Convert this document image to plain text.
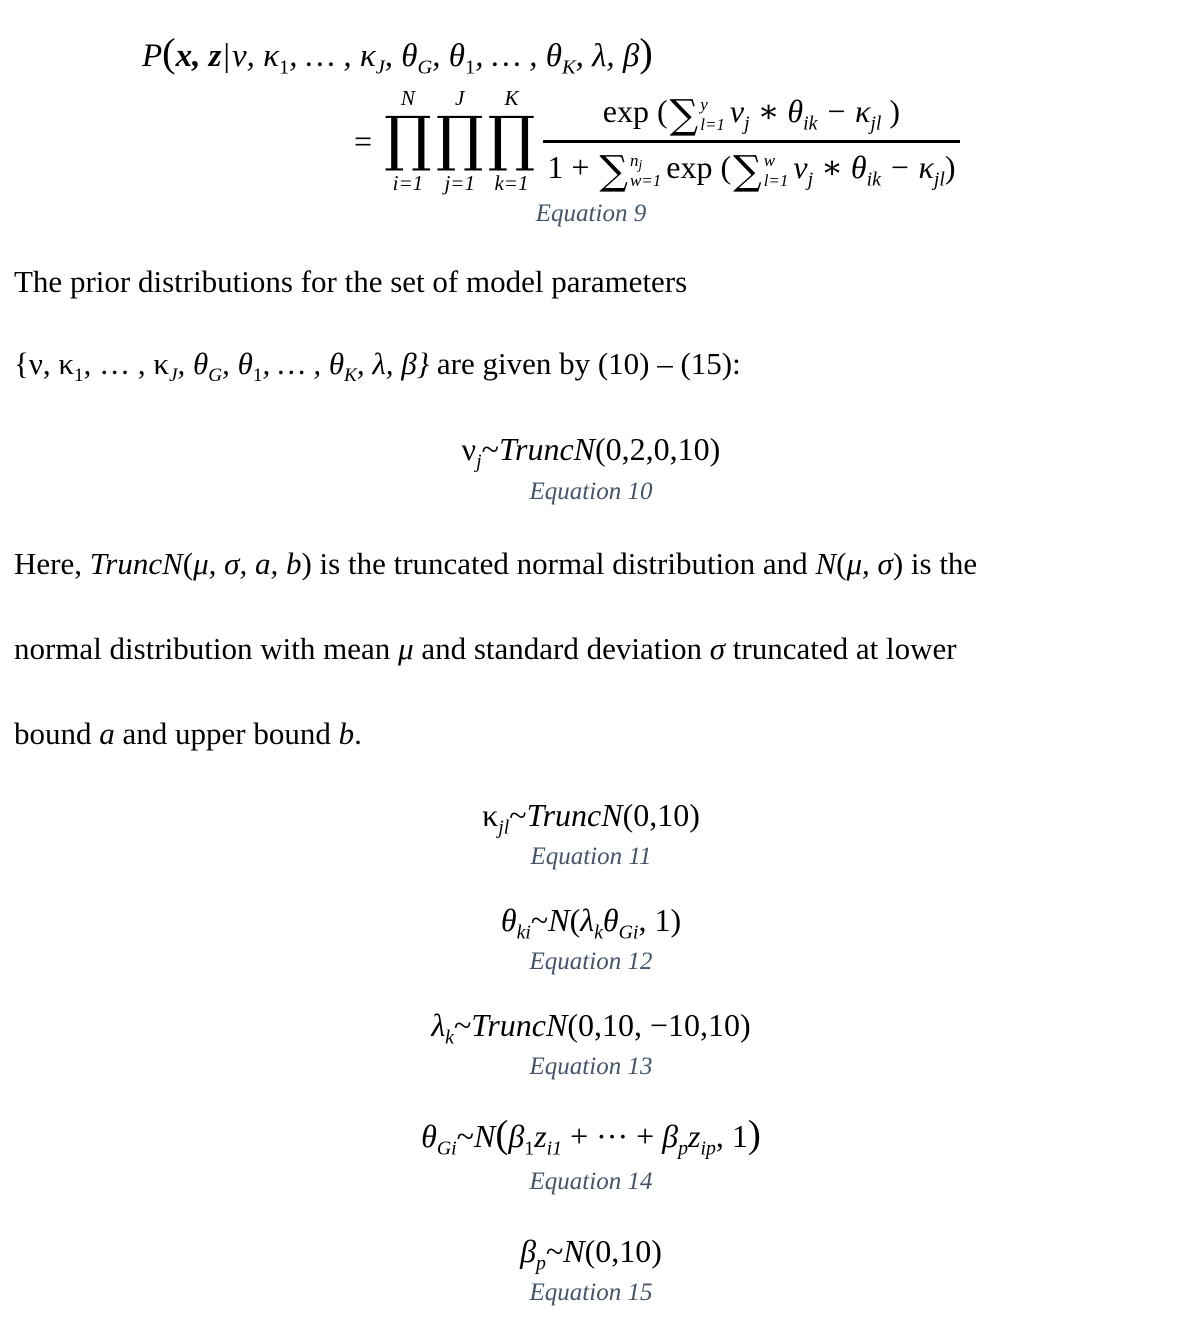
P(x, z|ν, $\kappa_1$, … , $\kappa_J$, $\theta_G$, $\theta_1$, … , $\theta_K$, λ, β)
=
N
∏
i=1
J
∏
j=1
K
∏
k=1 exp ( ∑ y
l=1 $\nu_j$ ∗ $\theta_{ik} - \kappa_{jl}$ )
1 + ∑ nj
w=1 exp ( ∑ w
l=1 $\nu_j$ ∗ $\theta_{ik} - \kappa_{jl}$)
Equation 9

The prior distributions for the set of model parameters

{ν, $\kappa_1$, … , $\kappa_J$, $\theta_G$, $\theta_1$, … , $\theta_K$, λ, β} are given by (10) – (15):

$\nu_j\sim TruncN(0,2,0,10)$
Equation 10

Here, TruncN(μ, σ, a, b) is the truncated normal distribution and N(μ, σ) is the

normal distribution with mean μ and standard deviation σ truncated at lower

bound a and upper bound b.

$\kappa_{jl}\sim TruncN(0,10)$
Equation 11
$\theta_{ki}\sim N(\lambda_k\theta_{Gi}$, 1)
Equation 12
$\lambda_k\sim TruncN(0,10$, −10,10)
Equation 13
$\theta_{Gi}\sim N(\beta_1z_{i1}$ + ··· + $\beta_pz_{ip}$, 1)
Equation 14
$\beta_p\sim N(0,10)$
Equation 15
